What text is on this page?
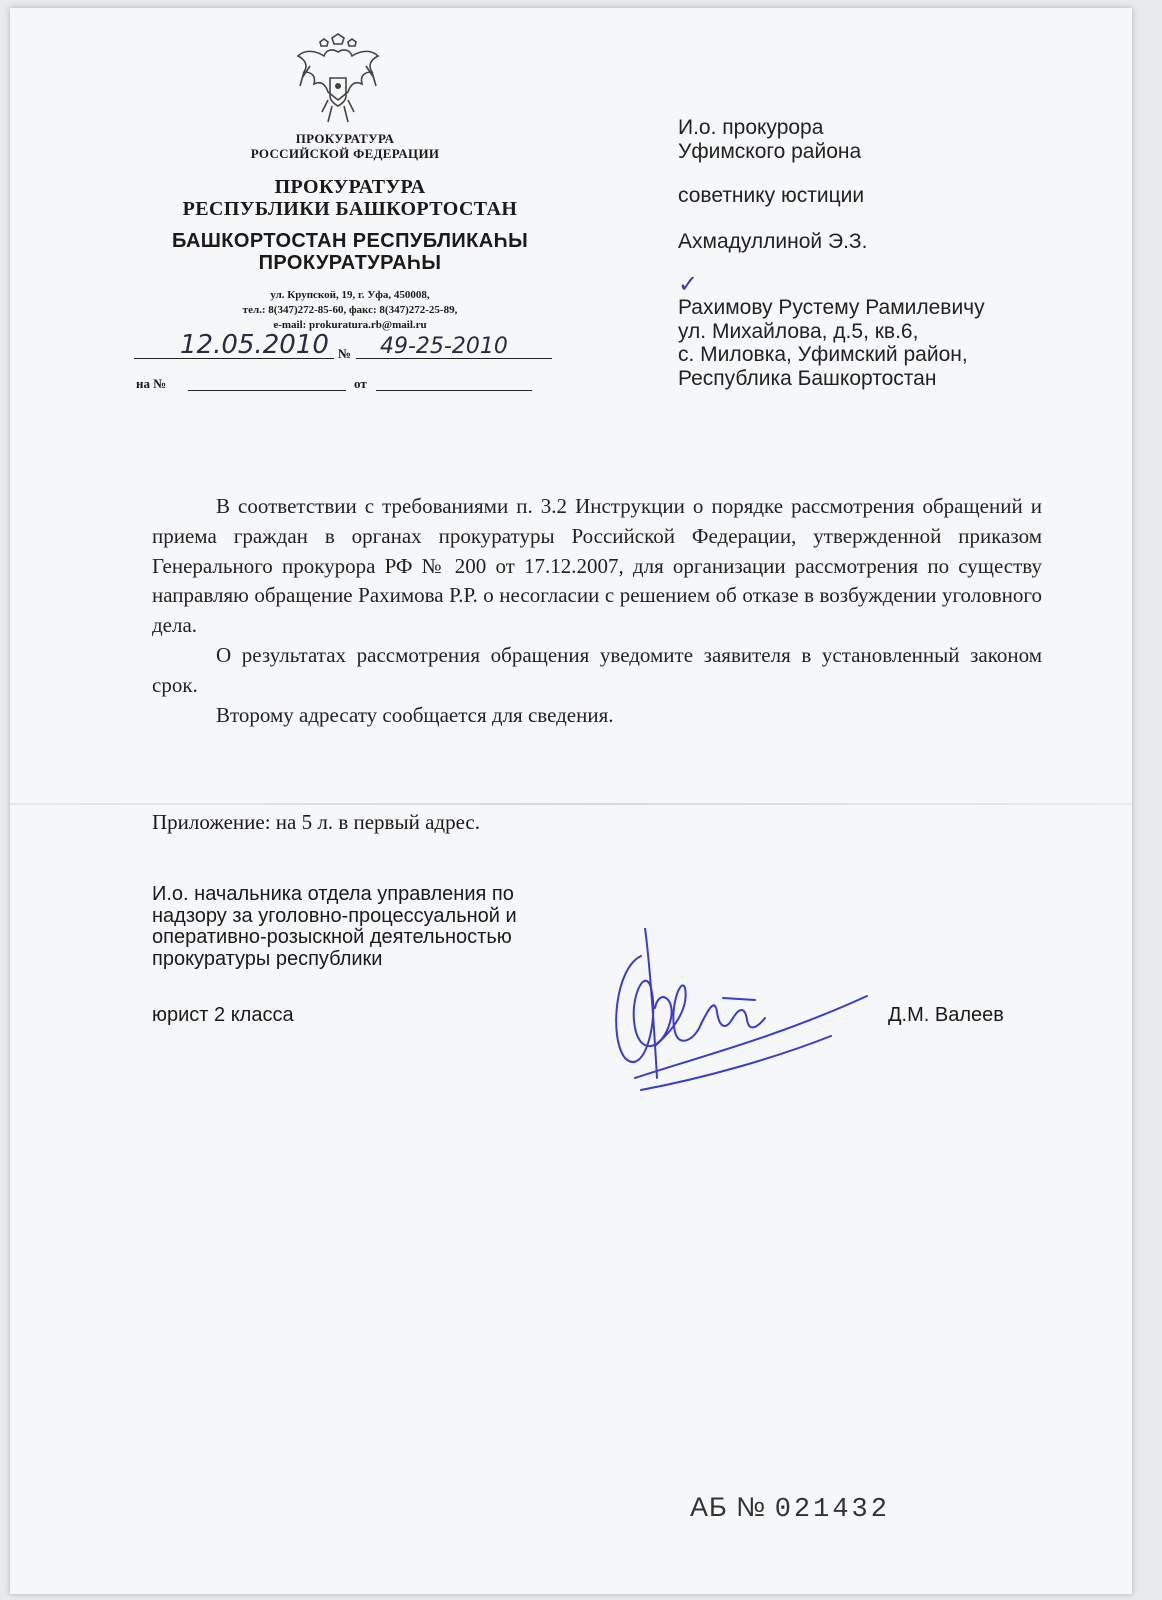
ПРОКУРАТУРА
РОССИЙСКОЙ ФЕДЕРАЦИИ
ПРОКУРАТУРА
РЕСПУБЛИКИ БАШКОРТОСТАН
БАШКОРТОСТАН РЕСПУБЛИКАҺЫ
ПРОКУРАТУРАҺЫ
ул. Крупской, 19, г. Уфа, 450008,
тел.: 8(347)272-85-60, факс: 8(347)272-25-89,
e-mail: prokuratura.rb@mail.ru
12.05.2010 № 49-25-2010
на №	от
И.о. прокурора
Уфимского района
советнику юстиции
Ахмадуллиной Э.З.
✓
Рахимову Рустему Рамилевичу
ул. Михайлова, д.5, кв.6,
с. Миловка, Уфимский район,
Республика Башкортостан

В соответствии с требованиями п. 3.2 Инструкции о порядке рассмотрения обращений и приема граждан в органах прокуратуры Российской Федерации, утвержденной приказом Генерального прокурора РФ № 200 от 17.12.2007, для организации рассмотрения по существу направляю обращение Рахимова Р.Р. о несогласии с решением об отказе в возбуждении уголовного дела.

О результатах рассмотрения обращения уведомите заявителя в установленный законом срок.

Второму адресату сообщается для сведения.

Приложение: на 5 л. в первый адрес.
И.о. начальника отдела управления по
надзору за уголовно-процессуальной и
оперативно-розыскной деятельностью
прокуратуры республики
юрист 2 класса	Д.М. Валеев
АБ № 021432
